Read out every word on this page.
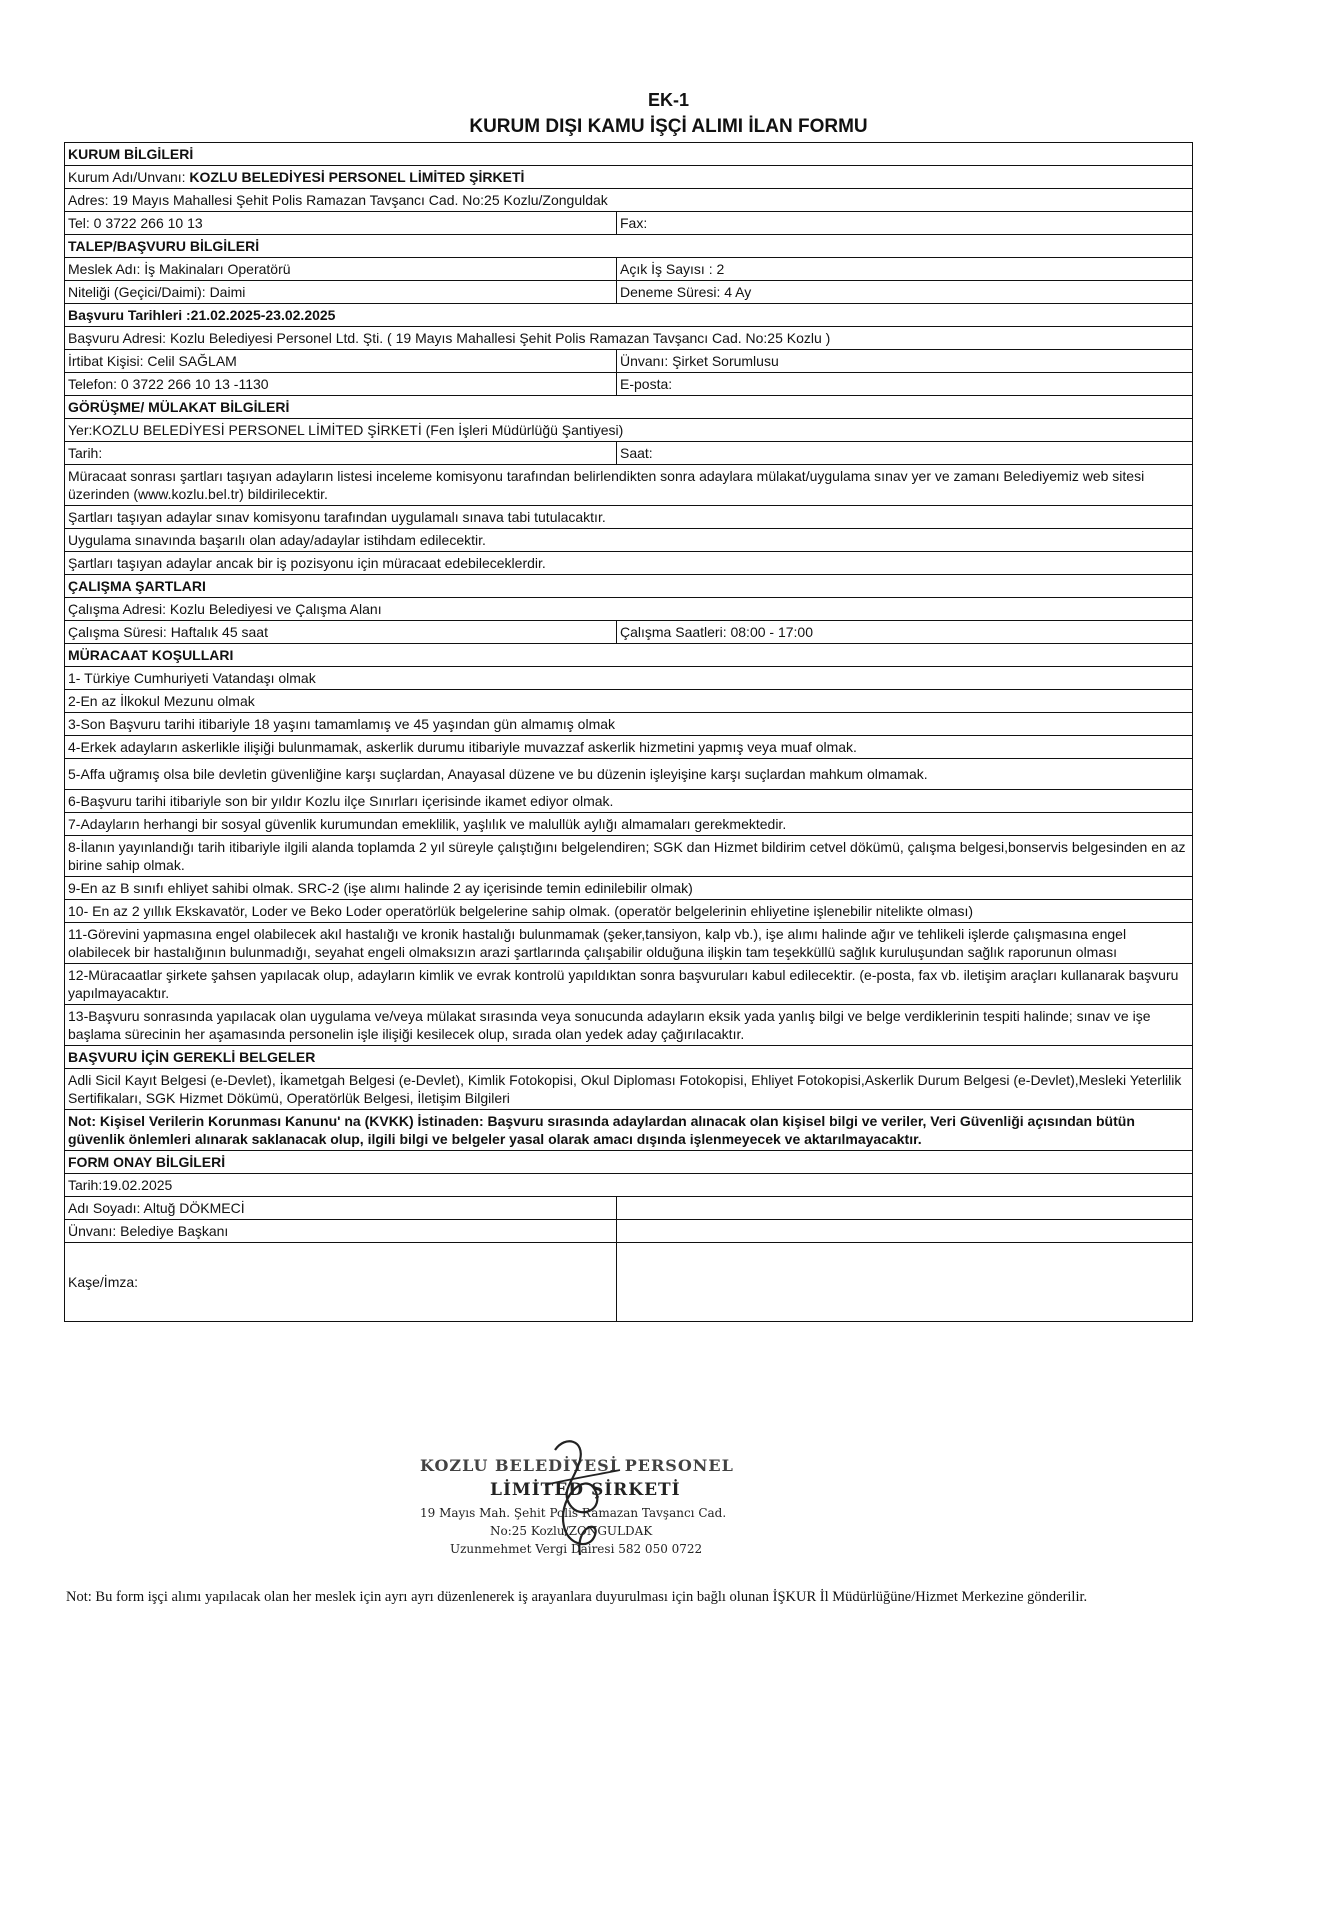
EK-1
KURUM DIŞI KAMU İŞÇİ ALIMI İLAN FORMU
KURUM BİLGİLERİ	
Kurum Adı/Unvanı: KOZLU BELEDİYESİ PERSONEL LİMİTED ŞİRKETİ	
Adres: 19 Mayıs Mahallesi Şehit Polis Ramazan Tavşancı Cad. No:25 Kozlu/Zonguldak	
Tel: 0 3722 266 10 13	Fax:
TALEP/BAŞVURU BİLGİLERİ	
Meslek Adı: İş Makinaları Operatörü	Açık İş Sayısı : 2
Niteliği (Geçici/Daimi): Daimi	Deneme Süresi: 4 Ay
Başvuru Tarihleri :21.02.2025-23.02.2025	
Başvuru Adresi: Kozlu Belediyesi Personel Ltd. Şti. ( 19 Mayıs Mahallesi Şehit Polis Ramazan Tavşancı Cad. No:25 Kozlu )	
İrtibat Kişisi: Celil SAĞLAM	Ünvanı: Şirket Sorumlusu
Telefon: 0 3722 266 10 13 -1130	E-posta:
GÖRÜŞME/ MÜLAKAT BİLGİLERİ	
Yer:KOZLU BELEDİYESİ PERSONEL LİMİTED ŞİRKETİ (Fen İşleri Müdürlüğü Şantiyesi)	
Tarih:	Saat:
Müracaat sonrası şartları taşıyan adayların listesi inceleme komisyonu tarafından belirlendikten sonra adaylara mülakat/uygulama sınav yer ve zamanı Belediyemiz web sitesi üzerinden (www.kozlu.bel.tr) bildirilecektir.	
Şartları taşıyan adaylar sınav komisyonu tarafından uygulamalı sınava tabi tutulacaktır.	
Uygulama sınavında başarılı olan aday/adaylar istihdam edilecektir.	
Şartları taşıyan adaylar ancak bir iş pozisyonu için müracaat edebileceklerdir.	
ÇALIŞMA ŞARTLARI	
Çalışma Adresi: Kozlu Belediyesi ve Çalışma Alanı	
Çalışma Süresi: Haftalık 45 saat	Çalışma Saatleri: 08:00 - 17:00
MÜRACAAT KOŞULLARI	
1- Türkiye Cumhuriyeti Vatandaşı olmak	
2-En az İlkokul Mezunu olmak	
3-Son Başvuru tarihi itibariyle 18 yaşını tamamlamış ve 45 yaşından gün almamış olmak	
4-Erkek adayların askerlikle ilişiği bulunmamak, askerlik durumu itibariyle muvazzaf askerlik hizmetini yapmış veya muaf olmak.	
5-Affa uğramış olsa bile devletin güvenliğine karşı suçlardan, Anayasal düzene ve bu düzenin işleyişine karşı suçlardan mahkum olmamak.	
6-Başvuru tarihi itibariyle son bir yıldır Kozlu ilçe Sınırları içerisinde ikamet ediyor olmak.	
7-Adayların herhangi bir sosyal güvenlik kurumundan emeklilik, yaşlılık ve malullük aylığı almamaları gerekmektedir.	
8-İlanın yayınlandığı tarih itibariyle ilgili alanda toplamda 2 yıl süreyle çalıştığını belgelendiren; SGK dan Hizmet bildirim cetvel dökümü, çalışma belgesi,bonservis belgesinden en az birine sahip olmak.	
9-En az B sınıfı ehliyet sahibi olmak. SRC-2 (işe alımı halinde 2 ay içerisinde temin edinilebilir olmak)	
10- En az 2 yıllık Ekskavatör, Loder ve Beko Loder operatörlük belgelerine sahip olmak. (operatör belgelerinin ehliyetine işlenebilir nitelikte olması)	
11-Görevini yapmasına engel olabilecek akıl hastalığı ve kronik hastalığı bulunmamak (şeker,tansiyon, kalp vb.), işe alımı halinde ağır ve tehlikeli işlerde çalışmasına engel olabilecek bir hastalığının bulunmadığı, seyahat engeli olmaksızın arazi şartlarında çalışabilir olduğuna ilişkin tam teşekküllü sağlık kuruluşundan sağlık raporunun olması	
12-Müracaatlar şirkete şahsen yapılacak olup, adayların kimlik ve evrak kontrolü yapıldıktan sonra başvuruları kabul edilecektir. (e-posta, fax vb. iletişim araçları kullanarak başvuru yapılmayacaktır.	
13-Başvuru sonrasında yapılacak olan uygulama ve/veya mülakat sırasında veya sonucunda adayların eksik yada yanlış bilgi ve belge verdiklerinin tespiti halinde; sınav ve işe başlama sürecinin her aşamasında personelin işle ilişiği kesilecek olup, sırada olan yedek aday çağırılacaktır.	
BAŞVURU İÇİN GEREKLİ BELGELER	
Adli Sicil Kayıt Belgesi (e-Devlet), İkametgah Belgesi (e-Devlet), Kimlik Fotokopisi, Okul Diploması Fotokopisi, Ehliyet Fotokopisi,Askerlik Durum Belgesi (e-Devlet),Mesleki Yeterlilik Sertifikaları, SGK Hizmet Dökümü, Operatörlük Belgesi, İletişim Bilgileri	
Not: Kişisel Verilerin Korunması Kanunu' na (KVKK) İstinaden: Başvuru sırasında adaylardan alınacak olan kişisel bilgi ve veriler, Veri Güvenliği açısından bütün güvenlik önlemleri alınarak saklanacak olup, ilgili bilgi ve belgeler yasal olarak amacı dışında işlenmeyecek ve aktarılmayacaktır.	
FORM ONAY BİLGİLERİ	
Tarih:19.02.2025	
Adı Soyadı: Altuğ DÖKMECİ	
Ünvanı: Belediye Başkanı	
Kaşe/İmza:	
KOZLU BELEDİYESİ PERSONEL
LİMİTED ŞİRKETİ
19 Mayıs Mah. Şehit Polis Ramazan Tavşancı Cad.
No:25 Kozlu/ZONGULDAK
Uzunmehmet Vergi Dairesi 582 050 0722
Not: Bu form işçi alımı yapılacak olan her meslek için ayrı ayrı düzenlenerek iş arayanlara duyurulması için bağlı olunan İŞKUR İl Müdürlüğüne/Hizmet Merkezine gönderilir.
